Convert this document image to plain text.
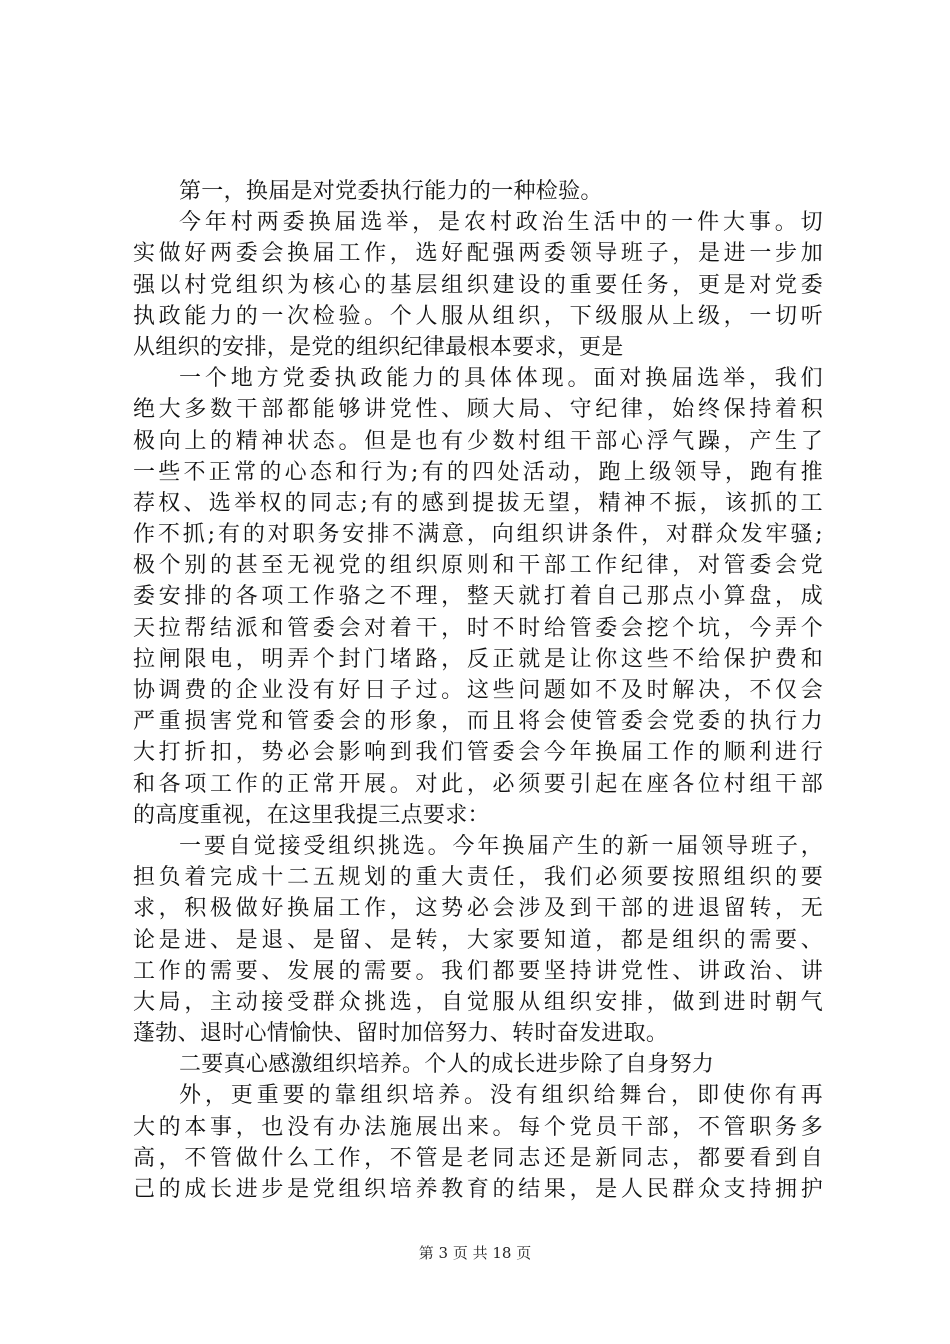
第一，换届是对党委执行能力的一种检验。
今年村两委换届选举，是农村政治生活中的一件大事。切
实做好两委会换届工作，选好配强两委领导班子，是进一步加
强以村党组织为核心的基层组织建设的重要任务，更是对党委
执政能力的一次检验。个人服从组织，下级服从上级，一切听
从组织的安排，是党的组织纪律最根本要求，更是
一个地方党委执政能力的具体体现。面对换届选举，我们
绝大多数干部都能够讲党性、顾大局、守纪律，始终保持着积
极向上的精神状态。但是也有少数村组干部心浮气躁，产生了
一些不正常的心态和行为;有的四处活动，跑上级领导，跑有推
荐权、选举权的同志;有的感到提拔无望，精神不振，该抓的工
作不抓;有的对职务安排不满意，向组织讲条件，对群众发牢骚;
极个别的甚至无视党的组织原则和干部工作纪律，对管委会党
委安排的各项工作骆之不理，整天就打着自己那点小算盘，成
天拉帮结派和管委会对着干，时不时给管委会挖个坑，今弄个
拉闸限电，明弄个封门堵路，反正就是让你这些不给保护费和
协调费的企业没有好日子过。这些问题如不及时解决，不仅会
严重损害党和管委会的形象，而且将会使管委会党委的执行力
大打折扣，势必会影响到我们管委会今年换届工作的顺利进行
和各项工作的正常开展。对此，必须要引起在座各位村组干部
的高度重视，在这里我提三点要求：
一要自觉接受组织挑选。今年换届产生的新一届领导班子，
担负着完成十二五规划的重大责任，我们必须要按照组织的要
求，积极做好换届工作，这势必会涉及到干部的进退留转，无
论是进、是退、是留、是转，大家要知道，都是组织的需要、
工作的需要、发展的需要。我们都要坚持讲党性、讲政治、讲
大局，主动接受群众挑选，自觉服从组织安排，做到进时朝气
蓬勃、退时心情愉快、留时加倍努力、转时奋发进取。
二要真心感激组织培养。个人的成长进步除了自身努力
外，更重要的靠组织培养。没有组织给舞台，即使你有再
大的本事，也没有办法施展出来。每个党员干部，不管职务多
高，不管做什么工作，不管是老同志还是新同志，都要看到自
己的成长进步是党组织培养教育的结果，是人民群众支持拥护
第 3 页 共 18 页
